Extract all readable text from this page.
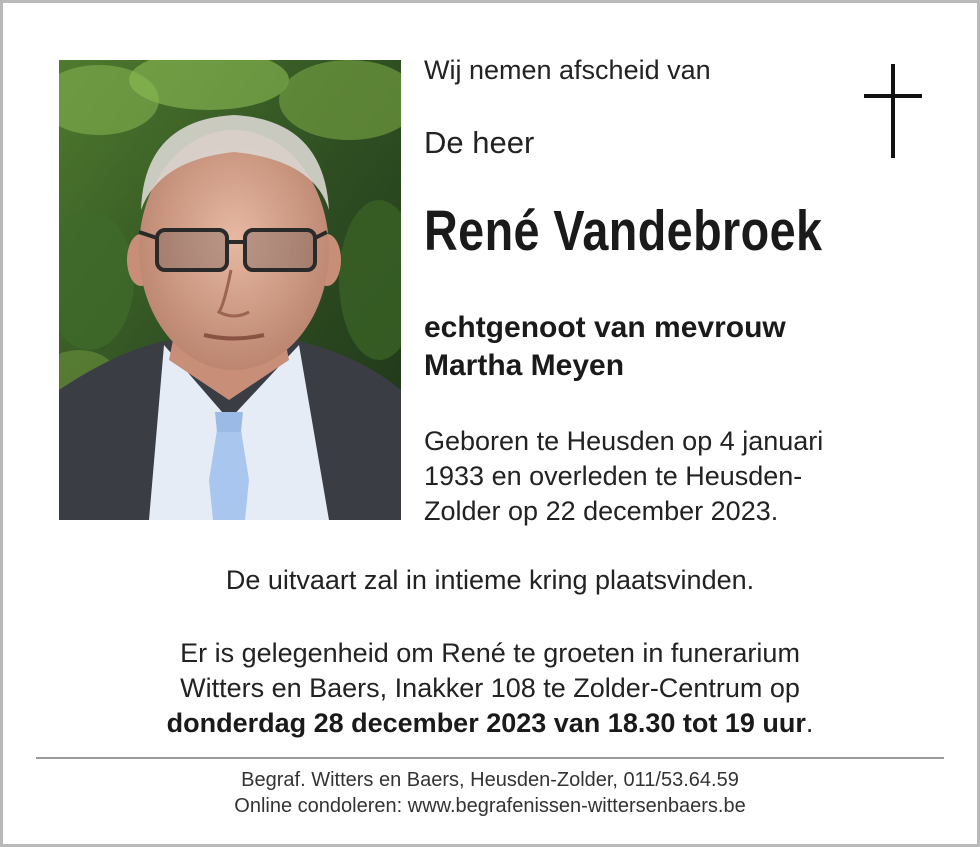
Wij nemen afscheid van
De heer
René Vandebroek
echtgenoot van mevrouw
Martha Meyen
Geboren te Heusden op 4 januari
1933 en overleden te Heusden-
Zolder op 22 december 2023.
De uitvaart zal in intieme kring plaatsvinden.
Er is gelegenheid om René te groeten in funerarium
Witters en Baers, Inakker 108 te Zolder-Centrum op
donderdag 28 december 2023 van 18.30 tot 19 uur.
Begraf. Witters en Baers, Heusden-Zolder, 011/53.64.59
Online condoleren: www.begrafenissen-wittersenbaers.be
